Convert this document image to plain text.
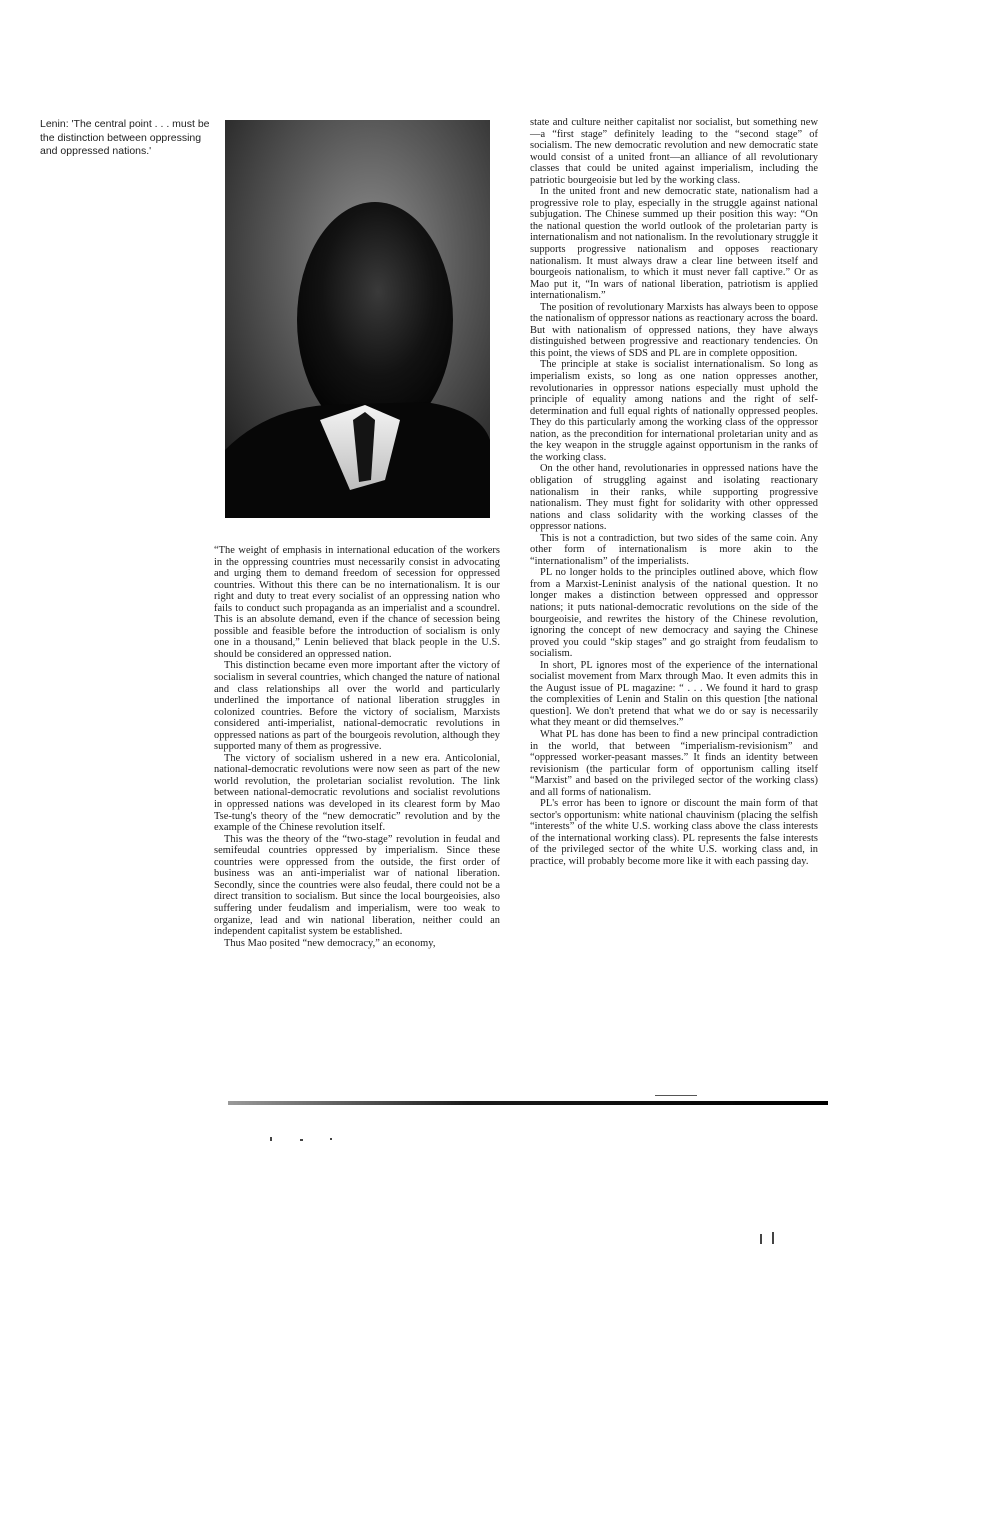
Lenin: 'The central point . . . must be the distinction between oppressing and oppressed nations.'

“The weight of emphasis in international education of the workers in the oppressing countries must necessarily consist in advocating and urging them to demand freedom of secession for oppressed countries. Without this there can be no internationalism. It is our right and duty to treat every socialist of an oppressing nation who fails to conduct such propaganda as an imperialist and a scoundrel. This is an absolute demand, even if the chance of secession being possible and feasible before the introduction of socialism is only one in a thousand,” Lenin believed that black people in the U.S. should be considered an oppressed nation.

This distinction became even more important after the victory of socialism in several countries, which changed the nature of national and class relationships all over the world and particularly underlined the importance of national liberation struggles in colonized countries. Before the victory of socialism, Marxists considered anti-imperialist, national-democratic revolutions in oppressed nations as part of the bourgeois revolution, although they supported many of them as progressive.

The victory of socialism ushered in a new era. Anticolonial, national-democratic revolutions were now seen as part of the new world revolution, the proletarian socialist revolution. The link between national-democratic revolutions and socialist revolutions in oppressed nations was developed in its clearest form by Mao Tse-tung's theory of the “new democratic” revolution and by the example of the Chinese revolution itself.

This was the theory of the “two-stage” revolution in feudal and semifeudal countries oppressed by imperialism. Since these countries were oppressed from the outside, the first order of business was an anti-imperialist war of national liberation. Secondly, since the countries were also feudal, there could not be a direct transition to socialism. But since the local bourgeoisies, also suffering under feudalism and imperialism, were too weak to organize, lead and win national liberation, neither could an independent capitalist system be established.

Thus Mao posited “new democracy,” an economy,

state and culture neither capitalist nor socialist, but something new—a “first stage” definitely leading to the “second stage” of socialism. The new democratic revolution and new democratic state would consist of a united front—an alliance of all revolutionary classes that could be united against imperialism, including the patriotic bourgeoisie but led by the working class.

In the united front and new democratic state, nationalism had a progressive role to play, especially in the struggle against national subjugation. The Chinese summed up their position this way: “On the national question the world outlook of the proletarian party is internationalism and not nationalism. In the revolutionary struggle it supports progressive nationalism and opposes reactionary nationalism. It must always draw a clear line between itself and bourgeois nationalism, to which it must never fall captive.” Or as Mao put it, “In wars of national liberation, patriotism is applied internationalism.”

The position of revolutionary Marxists has always been to oppose the nationalism of oppressor nations as reactionary across the board. But with nationalism of oppressed nations, they have always distinguished between progressive and reactionary tendencies. On this point, the views of SDS and PL are in complete opposition.

The principle at stake is socialist internationalism. So long as imperialism exists, so long as one nation oppresses another, revolutionaries in oppressor nations especially must uphold the principle of equality among nations and the right of self-determination and full equal rights of nationally oppressed peoples. They do this particularly among the working class of the oppressor nation, as the precondition for international proletarian unity and as the key weapon in the struggle against opportunism in the ranks of the working class.

On the other hand, revolutionaries in oppressed nations have the obligation of struggling against and isolating reactionary nationalism in their ranks, while supporting progressive nationalism. They must fight for solidarity with other oppressed nations and class solidarity with the working classes of the oppressor nations.

This is not a contradiction, but two sides of the same coin. Any other form of internationalism is more akin to the “internationalism” of the imperialists.

PL no longer holds to the principles outlined above, which flow from a Marxist-Leninist analysis of the national question. It no longer makes a distinction between oppressed and oppressor nations; it puts national-democratic revolutions on the side of the bourgeoisie, and rewrites the history of the Chinese revolution, ignoring the concept of new democracy and saying the Chinese proved you could “skip stages” and go straight from feudalism to socialism.

In short, PL ignores most of the experience of the international socialist movement from Marx through Mao. It even admits this in the August issue of PL magazine: “ . . . We found it hard to grasp the complexities of Lenin and Stalin on this question [the national question]. We don't pretend that what we do or say is necessarily what they meant or did themselves.”

What PL has done has been to find a new principal contradiction in the world, that between “imperialism-revisionism” and “oppressed worker-peasant masses.” It finds an identity between revisionism (the particular form of opportunism calling itself “Marxist” and based on the privileged sector of the working class) and all forms of nationalism.

PL's error has been to ignore or discount the main form of that sector's opportunism: white national chauvinism (placing the selfish “interests” of the white U.S. working class above the class interests of the international working class). PL represents the false interests of the privileged sector of the white U.S. working class and, in practice, will probably become more like it with each passing day.
